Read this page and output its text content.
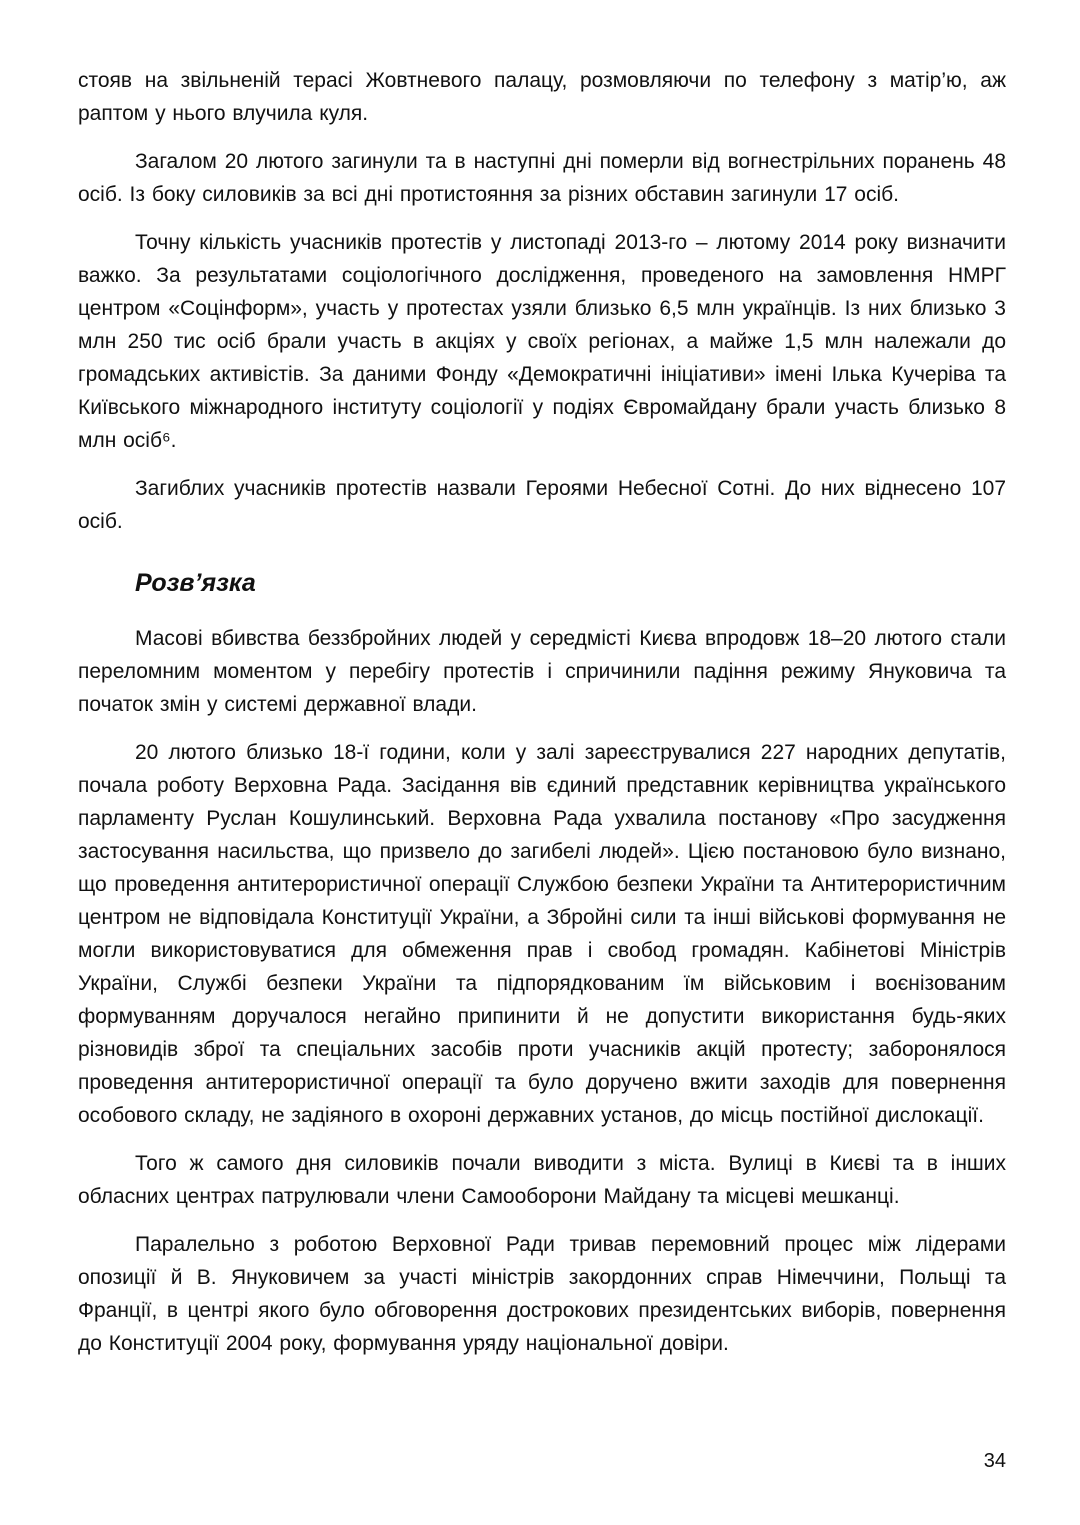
стояв на звільненій терасі Жовтневого палацу, розмовляючи по телефону з матір’ю, аж раптом у нього влучила куля.

Загалом 20 лютого загинули та в наступні дні померли від вогнестрільних поранень 48 осіб. Із боку силовиків за всі дні протистояння за різних обставин загинули 17 осіб.

Точну кількість учасників протестів у листопаді 2013-го – лютому 2014 року визначити важко. За результатами соціологічного дослідження, проведеного на замовлення НМРГ центром «Соцінформ», участь у протестах узяли близько 6,5 млн українців. Із них близько 3 млн 250 тис осіб брали участь в акціях у своїх регіонах, а майже 1,5 млн належали до громадських активістів. За даними Фонду «Демократичні ініціативи» імені Ілька Кучеріва та Київського міжнародного інституту соціології у подіях Євромайдану брали участь близько 8 млн осіб⁶.

Загиблих учасників протестів назвали Героями Небесної Сотні. До них віднесено 107 осіб.

Розв’язка

Масові вбивства беззбройних людей у середмісті Києва впродовж 18–20 лютого стали переломним моментом у перебігу протестів і спричинили падіння режиму Януковича та початок змін у системі державної влади.

20 лютого близько 18-ї години, коли у залі зареєструвалися 227 народних депутатів, почала роботу Верховна Рада. Засідання вів єдиний представник керівництва українського парламенту Руслан Кошулинський. Верховна Рада ухвалила постанову «Про засудження застосування насильства, що призвело до загибелі людей». Цією постановою було визнано, що проведення антитерористичної операції Службою безпеки України та Антитерористичним центром не відповідала Конституції України, а Збройні сили та інші військові формування не могли використовуватися для обмеження прав і свобод громадян. Кабінетові Міністрів України, Службі безпеки України та підпорядкованим їм військовим і воєнізованим формуванням доручалося негайно припинити й не допустити використання будь-яких різновидів зброї та спеціальних засобів проти учасників акцій протесту; заборонялося проведення антитерористичної операції та було доручено вжити заходів для повернення особового складу, не задіяного в охороні державних установ, до місць постійної дислокації.

Того ж самого дня силовиків почали виводити з міста. Вулиці в Києві та в інших обласних центрах патрулювали члени Самооборони Майдану та місцеві мешканці.

Паралельно з роботою Верховної Ради тривав перемовний процес між лідерами опозиції й В. Януковичем за участі міністрів закордонних справ Німеччини, Польщі та Франції, в центрі якого було обговорення дострокових президентських виборів, повернення до Конституції 2004 року, формування уряду національної довіри.

34
